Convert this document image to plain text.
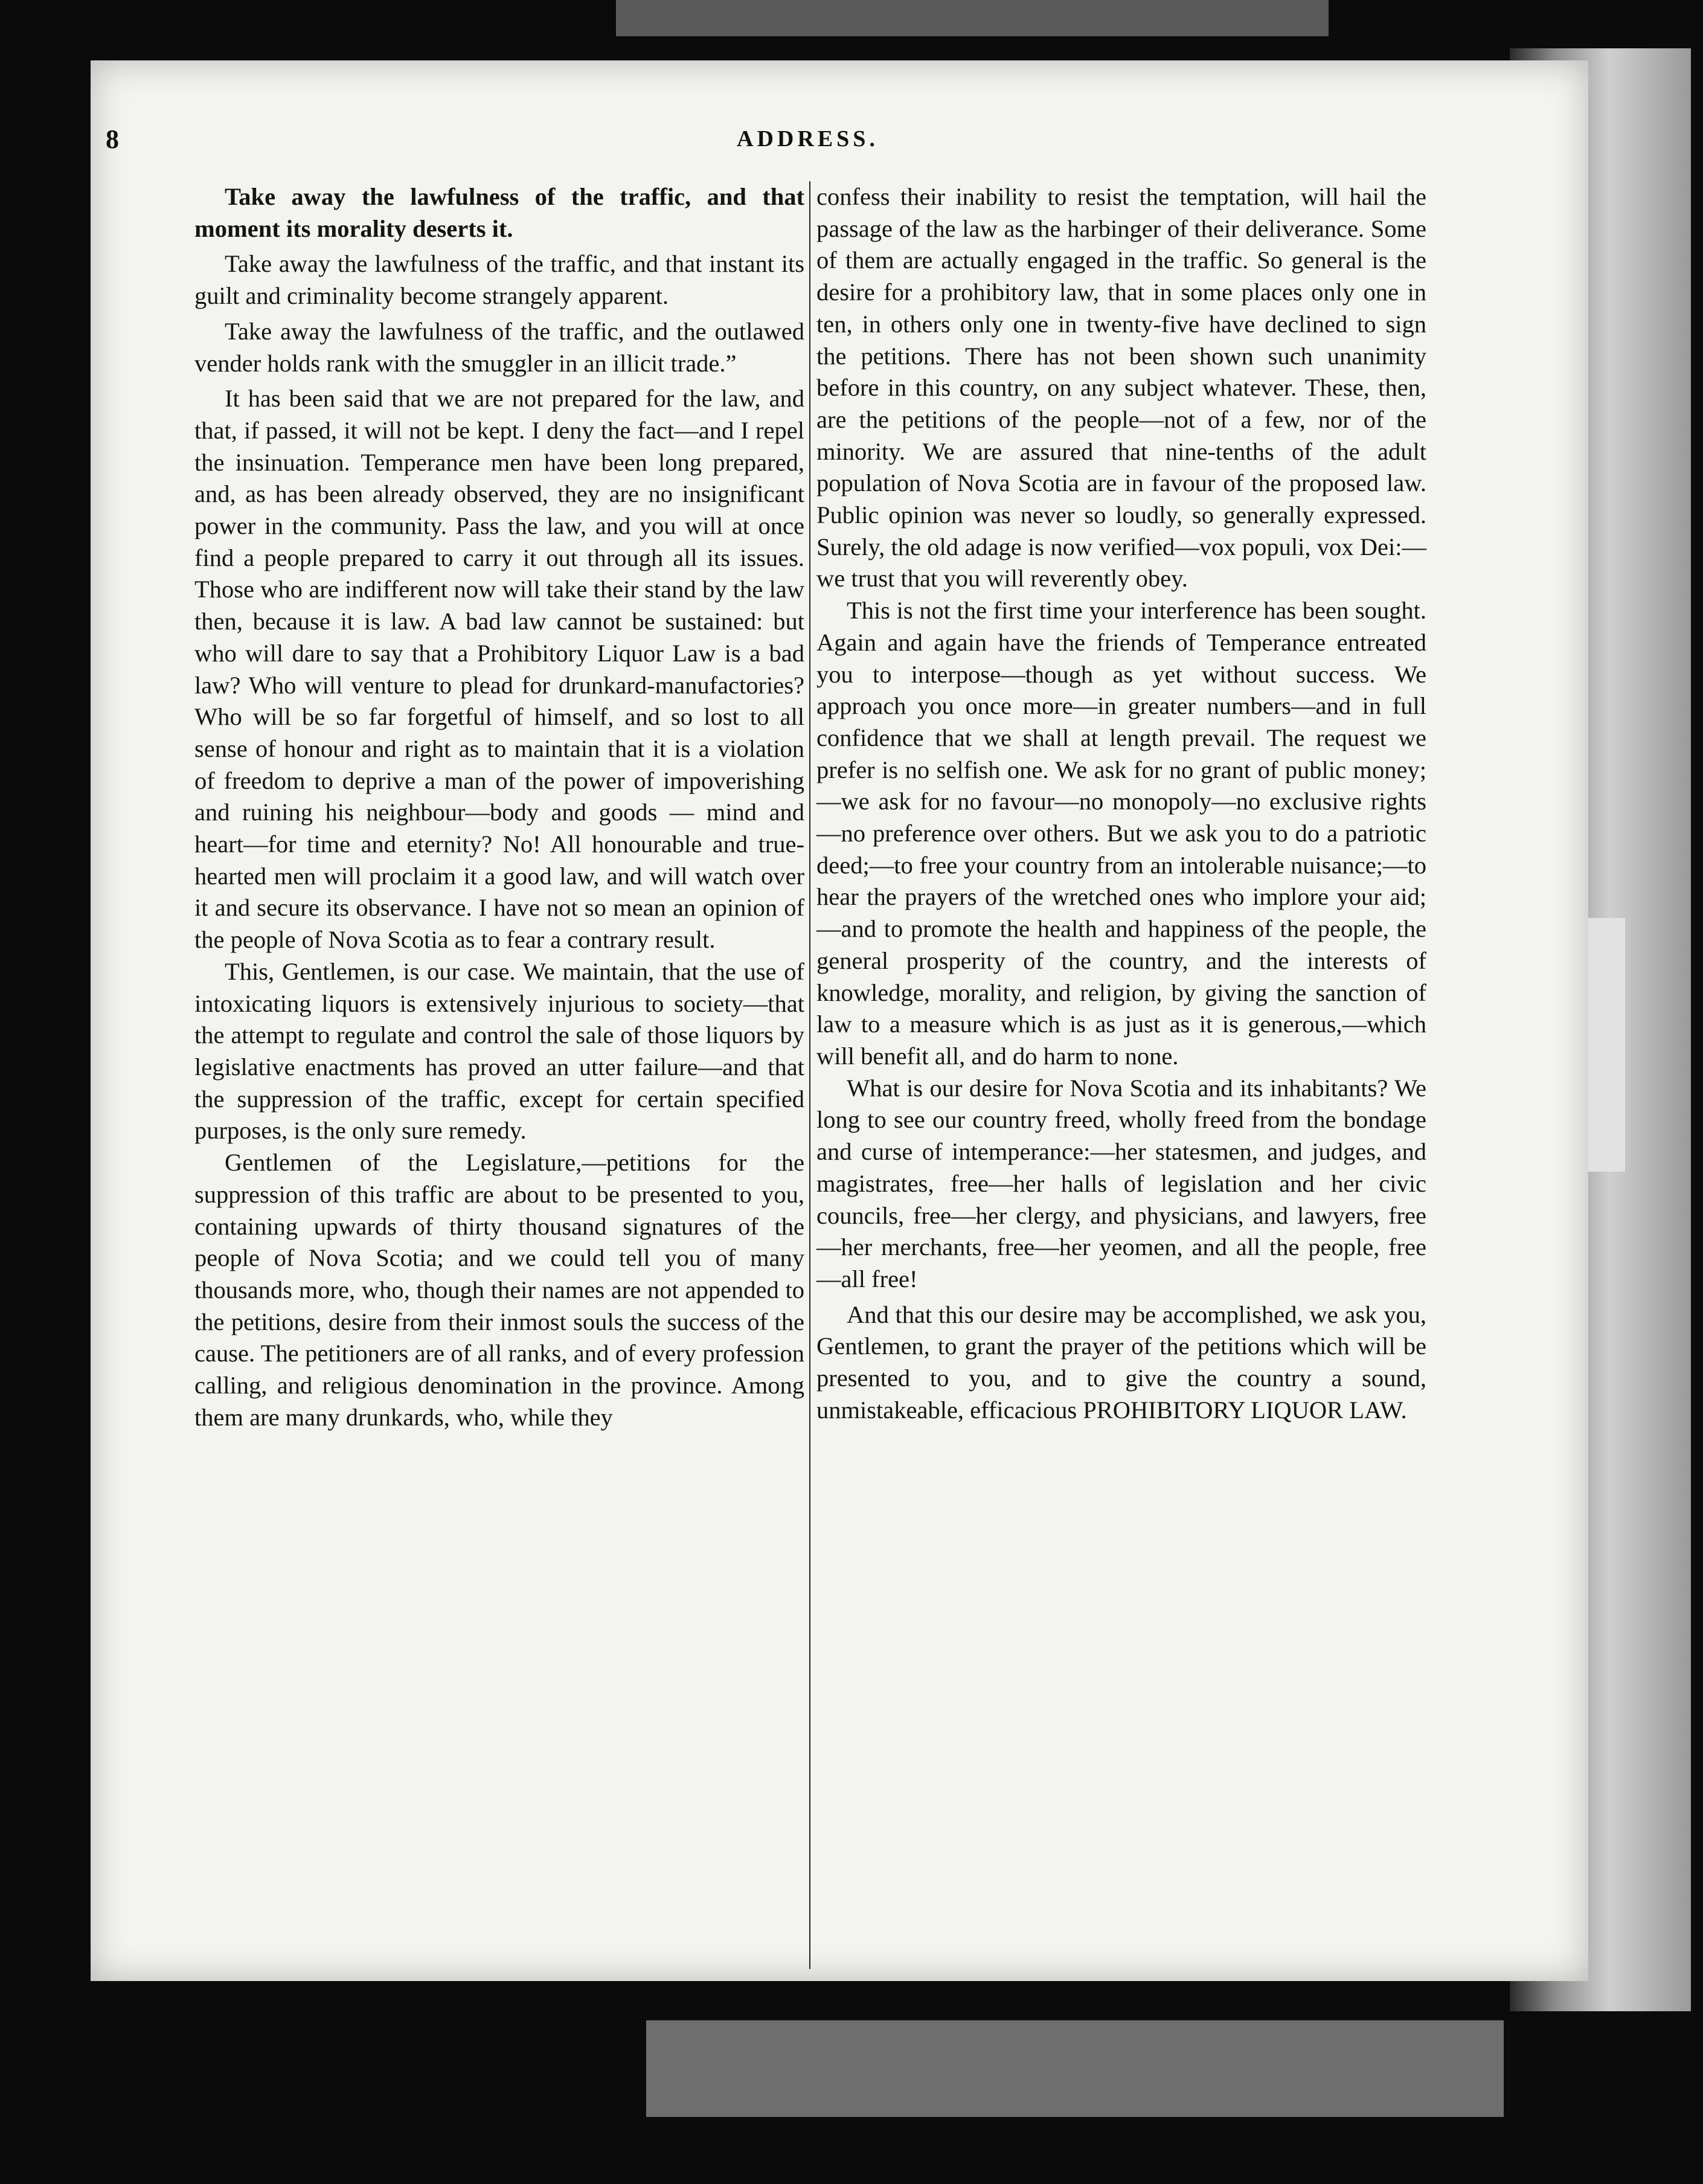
8	ADDRESS.

Take away the lawfulness of the traffic, and that moment its morality deserts it.

Take away the lawfulness of the traffic, and that instant its guilt and criminality become strangely apparent.

Take away the lawfulness of the traffic, and the outlawed vender holds rank with the smuggler in an illicit trade.”

It has been said that we are not prepared for the law, and that, if passed, it will not be kept. I deny the fact—and I repel the insinuation. Temperance men have been long prepared, and, as has been already observed, they are no insignificant power in the community. Pass the law, and you will at once find a people prepared to carry it out through all its issues. Those who are indifferent now will take their stand by the law then, because it is law. A bad law cannot be sustained: but who will dare to say that a Prohibitory Liquor Law is a bad law? Who will venture to plead for drunkard-manufactories? Who will be so far forgetful of himself, and so lost to all sense of honour and right as to maintain that it is a violation of freedom to deprive a man of the power of impoverishing and ruining his neighbour—body and goods — mind and heart—for time and eternity? No! All honourable and true-hearted men will proclaim it a good law, and will watch over it and secure its observance. I have not so mean an opinion of the people of Nova Scotia as to fear a contrary result.

This, Gentlemen, is our case. We maintain, that the use of intoxicating liquors is extensively injurious to society—that the attempt to regulate and control the sale of those liquors by legislative enactments has proved an utter failure—and that the suppression of the traffic, except for certain specified purposes, is the only sure remedy.

Gentlemen of the Legislature,—petitions for the suppression of this traffic are about to be presented to you, containing upwards of thirty thousand signatures of the people of Nova Scotia; and we could tell you of many thousands more, who, though their names are not appended to the petitions, desire from their inmost souls the success of the cause. The petitioners are of all ranks, and of every profession calling, and religious denomination in the province. Among them are many drunkards, who, while they

confess their inability to resist the temptation, will hail the passage of the law as the harbinger of their deliverance. Some of them are actually engaged in the traffic. So general is the desire for a prohibitory law, that in some places only one in ten, in others only one in twenty-five have declined to sign the petitions. There has not been shown such unanimity before in this country, on any subject whatever. These, then, are the petitions of the people—not of a few, nor of the minority. We are assured that nine-tenths of the adult population of Nova Scotia are in favour of the proposed law. Public opinion was never so loudly, so generally expressed. Surely, the old adage is now verified—vox populi, vox Dei:—we trust that you will reverently obey.

This is not the first time your interference has been sought. Again and again have the friends of Temperance entreated you to interpose—though as yet without success. We approach you once more—in greater numbers—and in full confidence that we shall at length prevail. The request we prefer is no selfish one. We ask for no grant of public money;—we ask for no favour—no monopoly—no exclusive rights—no preference over others. But we ask you to do a patriotic deed;—to free your country from an intolerable nuisance;—to hear the prayers of the wretched ones who implore your aid;—and to promote the health and happiness of the people, the general prosperity of the country, and the interests of knowledge, morality, and religion, by giving the sanction of law to a measure which is as just as it is generous,—which will benefit all, and do harm to none.

What is our desire for Nova Scotia and its inhabitants? We long to see our country freed, wholly freed from the bondage and curse of intemperance:—her statesmen, and judges, and magistrates, free—her halls of legislation and her civic councils, free—her clergy, and physicians, and lawyers, free—her merchants, free—her yeomen, and all the people, free—all free!

And that this our desire may be accomplished, we ask you, Gentlemen, to grant the prayer of the petitions which will be presented to you, and to give the country a sound, unmistakeable, efficacious PROHIBITORY LIQUOR LAW.
